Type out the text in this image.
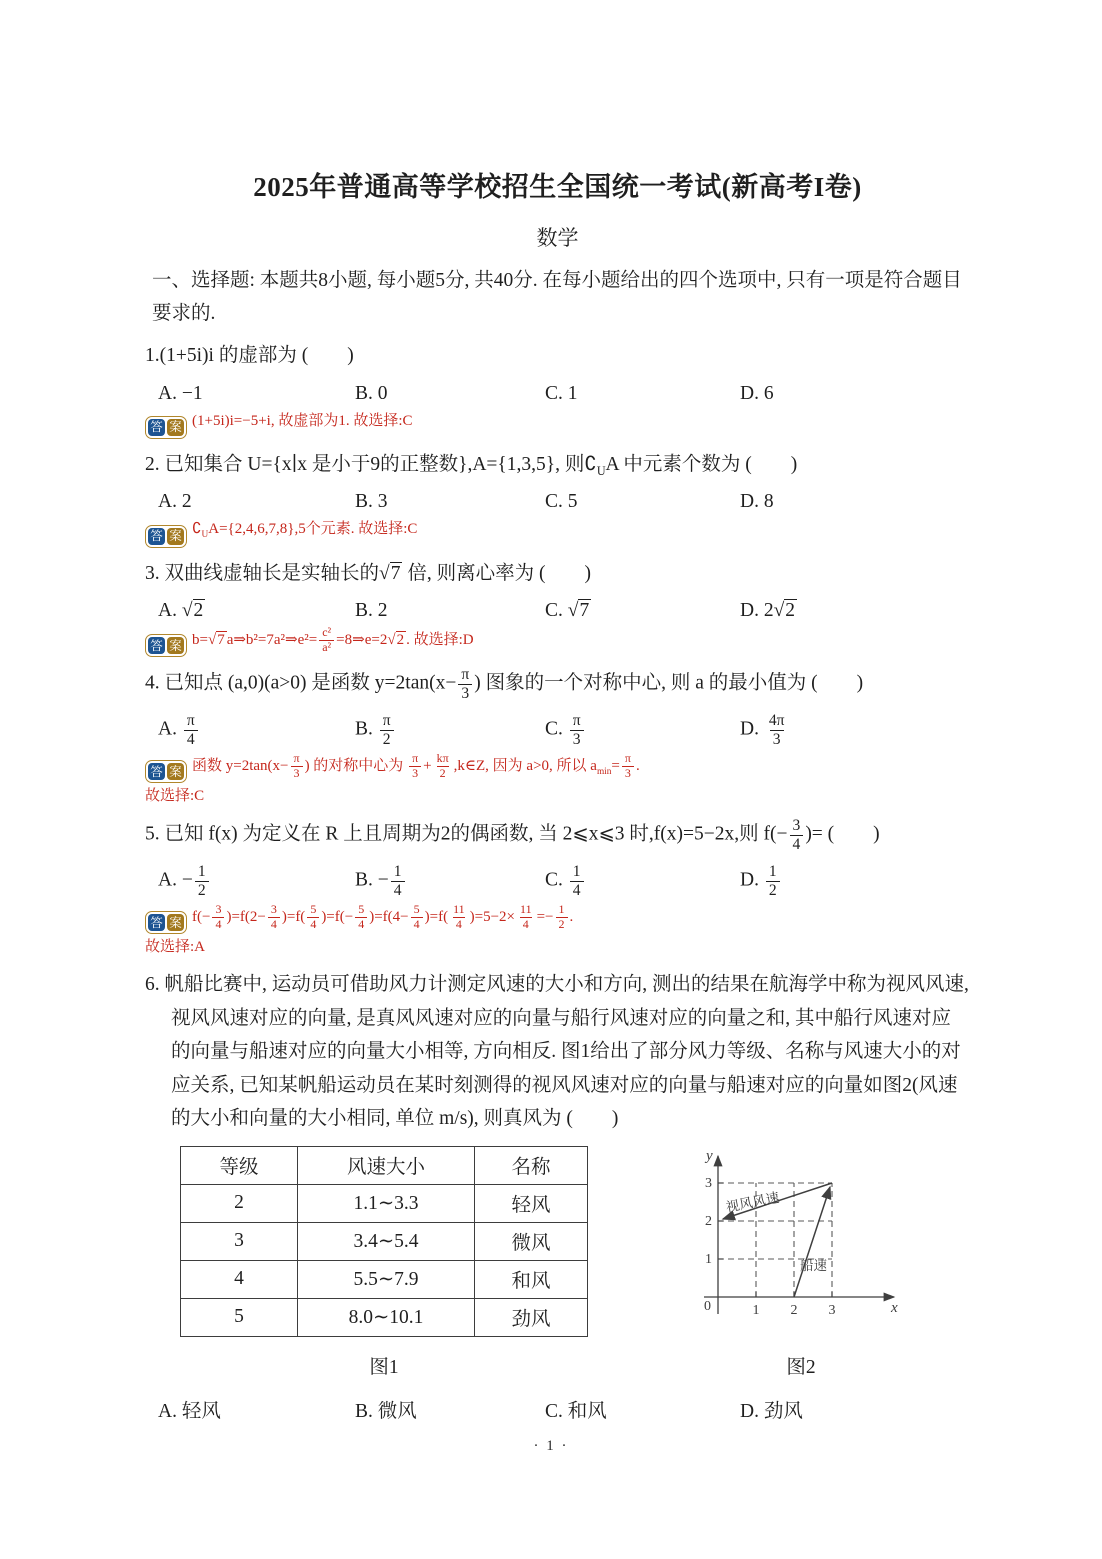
2025年普通高等学校招生全国统一考试(新高考I卷)
数学

一、选择题: 本题共8小题, 每小题5分, 共40分. 在每小题给出的四个选项中, 只有一项是符合题目要求的.

1.(1+5i)i 的虚部为 (　　)

A. −1	B. 0	C. 1	D. 6
答 案 (1+5i)i=−5+i, 故虚部为1. 故选择:C

2. 已知集合 U={x∣x 是小于9的正整数},A={1,3,5}, 则$∁_UA$ 中元素个数为 (　　)

A. 2	B. 3	C. 5	D. 8
答 案 $∁_UA=\{2,4,6,7,8\},5$个元素. 故选择:C

3. 双曲线虚轴长是实轴长的√7 倍, 则离心率为 (　　)

A. √2	B. 2	C. √7	D. 2√2
答 案 b=√7 a⇒b²=7a²⇒e²= $\frac{\text{c²}}{\text{a²}}$ =8⇒e=2√2 . 故选择:D

4. 已知点 (a,0)(a>0) 是函数 $y=2\tan(x- \frac{\pi}{3}$ ) 图象的一个对称中心, 则 a 的最小值为 (　　)

A. $\frac{\pi}{4}$	B. $\frac{\pi}{2}$	C. $\frac{\pi}{3}$	D. $\frac{4\pi}{3}$
答 案 函数 $y=2\tan(x- \frac{\pi}{3}$ ) 的对称中心为 $\frac{\pi}{3} + \frac{k\pi}{2}$ ,k∈Z, 因为 a>0, 所以 $a_{min}= \frac{\pi}{3}$ .
故选择:C

5. 已知 f(x) 为定义在 R 上且周期为2的偶函数, 当 2⩽x⩽3 时,f(x)=5−2x,则 $f(- \frac{3}{4}$ )= (　　)

A. − $\frac{1}{2}$	B. − $\frac{1}{4}$	C. $\frac{1}{4}$	D. $\frac{1}{2}$
答 案 $f(- \frac{3}{4} )=f(2- \frac{3}{4} )=f( \frac{5}{4} )=f(- \frac{5}{4} )=f(4- \frac{5}{4} )=f( \frac{11}{4} )=5-2\times \frac{11}{4} =- \frac{1}{2}$ .
故选择:A

6. 帆船比赛中, 运动员可借助风力计测定风速的大小和方向, 测出的结果在航海学中称为视风风速, 视风风速对应的向量, 是真风风速对应的向量与船行风速对应的向量之和, 其中船行风速对应的向量与船速对应的向量大小相等, 方向相反. 图1给出了部分风力等级、名称与风速大小的对应关系, 已知某帆船运动员在某时刻测得的视风风速对应的向量与船速对应的向量如图2(风速的大小和向量的大小相同, 单位 m/s), 则真风为 (　　)

等级	风速大小	名称
2	1.1∼3.3	轻风
3	3.4∼5.4	微风
4	5.5∼7.9	和风
5	8.0∼10.1	劲风
图1
y
x
0	1 2 3
1
2
3
视风风速
船速
图2
A. 轻风	B. 微风	C. 和风	D. 劲风
· 1 ·
